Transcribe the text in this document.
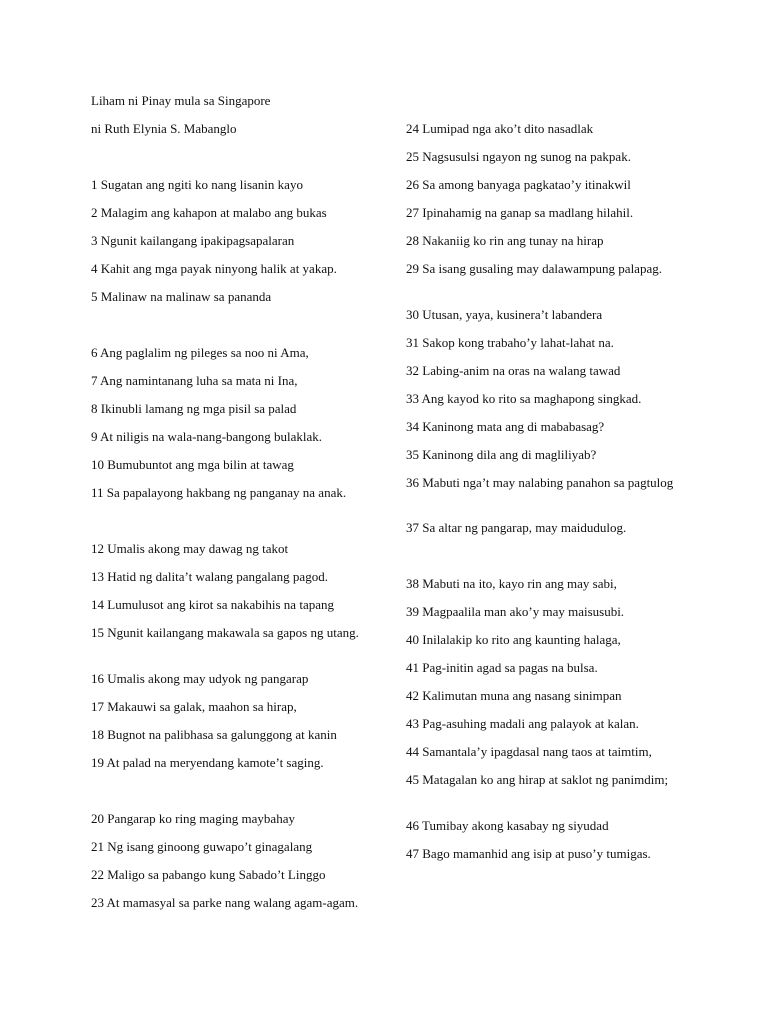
Liham ni Pinay mula sa Singapore
ni Ruth Elynia S. Mabanglo
1 Sugatan ang ngiti ko nang lisanin kayo
2 Malagim ang kahapon at malabo ang bukas
3 Ngunit kailangang ipakipagsapalaran
4 Kahit ang mga payak ninyong halik at yakap.
5 Malinaw na malinaw sa pananda
6 Ang paglalim ng pileges sa noo ni Ama,
7 Ang namintanang luha sa mata ni Ina,
8 Ikinubli lamang ng mga pisil sa palad
9 At niligis na wala-nang-bangong bulaklak.
10 Bumubuntot ang mga bilin at tawag
11 Sa papalayong hakbang ng panganay na anak.
12 Umalis akong may dawag ng takot
13 Hatid ng dalita’t walang pangalang pagod.
14 Lumulusot ang kirot sa nakabihis na tapang
15 Ngunit kailangang makawala sa gapos ng utang.
16 Umalis akong may udyok ng pangarap
17 Makauwi sa galak, maahon sa hirap,
18 Bugnot na palibhasa sa galunggong at kanin
19 At palad na meryendang kamote’t saging.
20 Pangarap ko ring maging maybahay
21 Ng isang ginoong guwapo’t ginagalang
22 Maligo sa pabango kung Sabado’t Linggo
23 At mamasyal sa parke nang walang agam-agam.
24 Lumipad nga ako’t dito nasadlak
25 Nagsusulsi ngayon ng sunog na pakpak.
26 Sa among banyaga pagkatao’y itinakwil
27 Ipinahamig na ganap sa madlang hilahil.
28 Nakaniig ko rin ang tunay na hirap
29 Sa isang gusaling may dalawampung palapag.
30 Utusan, yaya, kusinera’t labandera
31 Sakop kong trabaho’y lahat-lahat na.
32 Labing-anim na oras na walang tawad
33 Ang kayod ko rito sa maghapong singkad.
34 Kaninong mata ang di mababasag?
35 Kaninong dila ang di magliliyab?
36 Mabuti nga’t may nalabing panahon sa pagtulog
37 Sa altar ng pangarap, may maidudulog.
38 Mabuti na ito, kayo rin ang may sabi,
39 Magpaalila man ako’y may maisusubi.
40 Inilalakip ko rito ang kaunting halaga,
41 Pag-initin agad sa pagas na bulsa.
42 Kalimutan muna ang nasang sinimpan
43 Pag-asuhing madali ang palayok at kalan.
44 Samantala’y ipagdasal nang taos at taimtim,
45 Matagalan ko ang hirap at saklot ng panimdim;
46 Tumibay akong kasabay ng siyudad
47 Bago mamanhid ang isip at puso’y tumigas.
